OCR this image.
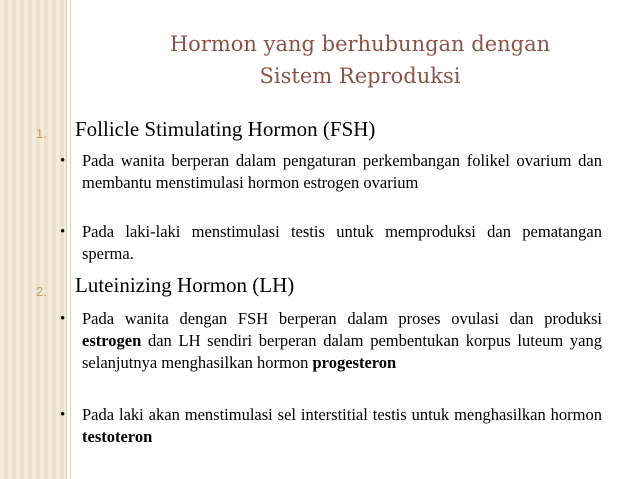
Hormon yang berhubungan dengan
Sistem Reproduksi
1. Follicle Stimulating Hormon (FSH)
• Pada wanita berperan dalam pengaturan perkembangan folikel ovarium dan membantu menstimulasi hormon estrogen ovarium

• Pada laki-laki menstimulasi testis untuk memproduksi dan pematangan sperma.

2. Luteinizing Hormon (LH)
• Pada wanita dengan FSH berperan dalam proses ovulasi dan produksi estrogen dan LH sendiri berperan dalam pembentukan korpus luteum yang selanjutnya menghasilkan hormon progesteron

• Pada laki akan menstimulasi sel interstitial testis untuk menghasilkan hormon testoteron
